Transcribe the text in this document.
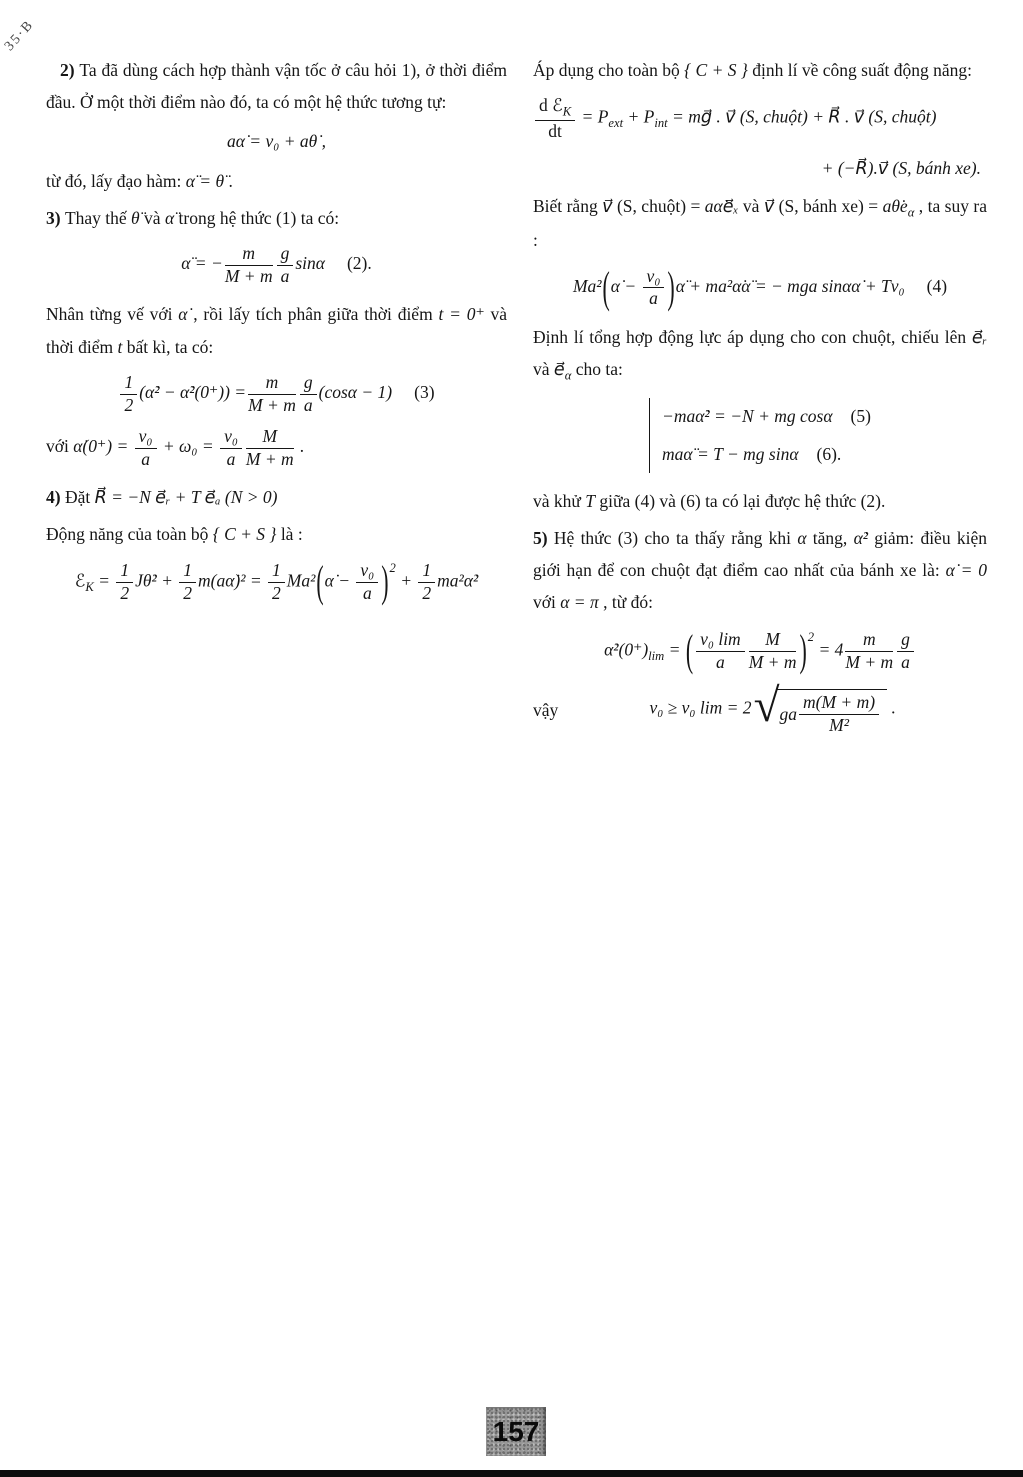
35·B

2) Ta đã dùng cách hợp thành vận tốc ở câu hỏi 1), ở thời điểm đầu. Ở một thời điểm nào đó, ta có một hệ thức tương tự:

aα̇ = v₀ + aθ̇ ,

từ đó, lấy đạo hàm: α̈ = θ̈ .

3) Thay thế θ̈ và α̈ trong hệ thức (1) ta có:

α̈ = − $\frac{m}{M + m} \frac{g}{a}$ sinα (2).

Nhân từng vế với α̇ , rồi lấy tích phân giữa thời điểm t = 0⁺ và thời điểm t bất kì, ta có:

$\frac{1}{2}$ (α̇² − α̇²(0⁺)) = $\frac{m}{M + m} \frac{g}{a} (\cos\alpha - 1)$ (3)
với α̇(0⁺) = $\frac{\text{v₀}}{a} + \omega_0 = \frac{\text{v₀}}{a} \frac{M}{M + m}$ .

4) Đặt R⃗ = −N e⃗ᵣ + T e⃗ₐ (N > 0)

Động năng của toàn bộ { C + S } là :

ℰ$_K$ = $\frac{1}{2}$ Jθ̇² + $\frac{1}{2}$ m(aα̇)² = $\frac{1}{2}$ Ma²(α̇ − $\frac{\text{v₀}}{a} )^2 + \frac{1}{2}$ ma²α̇²

Áp dụng cho toàn bộ { C + S } định lí về công suất động năng:

d ℰ$_K$
dt
= $P_{ext} + P_{int}$ = mg⃗ . v⃗ (S, chuột) + R⃗ . v⃗ (S, chuột)
+ (−R⃗).v⃗ (S, bánh xe).

Biết rằng v⃗ (S, chuột) = aα̇e⃗ₓ và v⃗ (S, bánh $xe) = a\thetȧe_\alpha$ , ta suy ra :

Ma²(α̇ − $\frac{\text{v₀}}{a}$ )α̈ + ma²α̇α̈ = − mga sinαα̇ + Tv₀ (4)

Định lí tổng hợp động lực áp dụng cho con chuột, chiếu lên e⃗ᵣ và $e⃗_\alpha$ cho ta:

−maα̇² = −N + mg cosα (5)
maα̈ = T − mg sinα (6).

và khử T giữa (4) và (6) ta có lại được hệ thức (2).

5) Hệ thức (3) cho ta thấy rằng khi α tăng, α̇² giảm: điều kiện giới hạn để con chuột đạt điểm cao nhất của bánh xe là: α̇ = 0 với α = π , từ đó:

$\alphȧ^2(0^+)_{lim}$ = ( $\frac{\text{v₀ lim}}{a} \frac{M}{M + m} )^2 = 4 \frac{m}{M + m} \frac{g}{a}$
vậy	v₀ ≥ v₀ lim = 2 √ ga $\frac{m(M + m)}{\text{M²}}$ .
157
